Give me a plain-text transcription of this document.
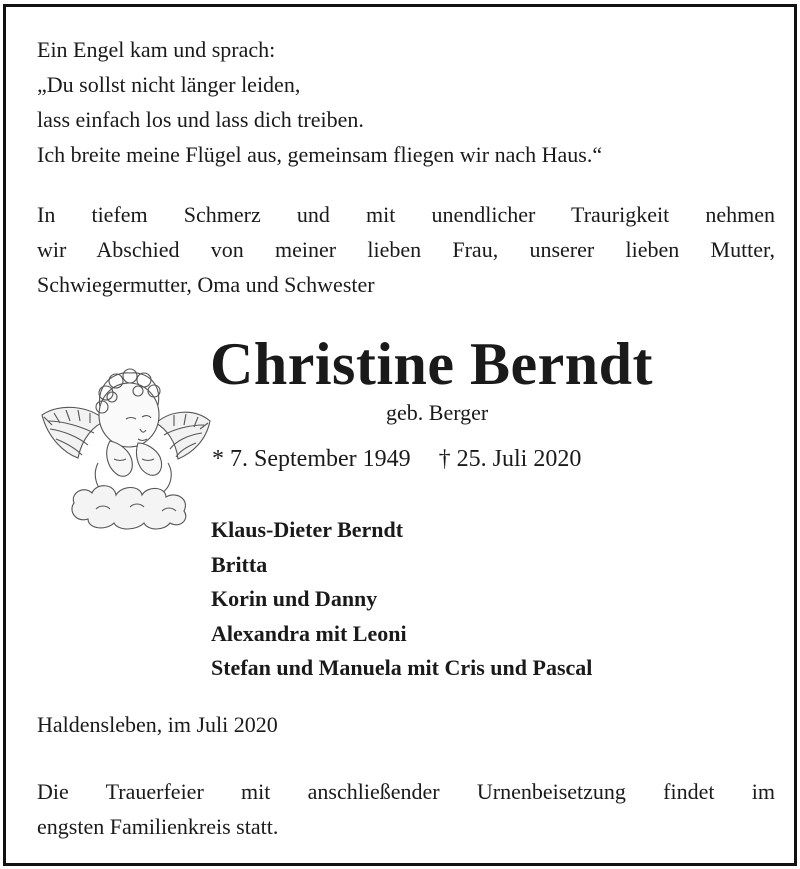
Ein Engel kam und sprach:
„Du sollst nicht länger leiden,
lass einfach los und lass dich treiben.
Ich breite meine Flügel aus, gemeinsam fliegen wir nach Haus.“
In tiefem Schmerz und mit unendlicher Traurigkeit nehmen
wir Abschied von meiner lieben Frau, unserer lieben Mutter,
Schwiegermutter, Oma und Schwester
Christine Berndt
geb. Berger
* 7. September 1949 † 25. Juli 2020
Klaus-Dieter Berndt
Britta
Korin und Danny
Alexandra mit Leoni
Stefan und Manuela mit Cris und Pascal
Haldensleben, im Juli 2020
Die Trauerfeier mit anschließender Urnenbeisetzung findet im
engsten Familienkreis statt.
